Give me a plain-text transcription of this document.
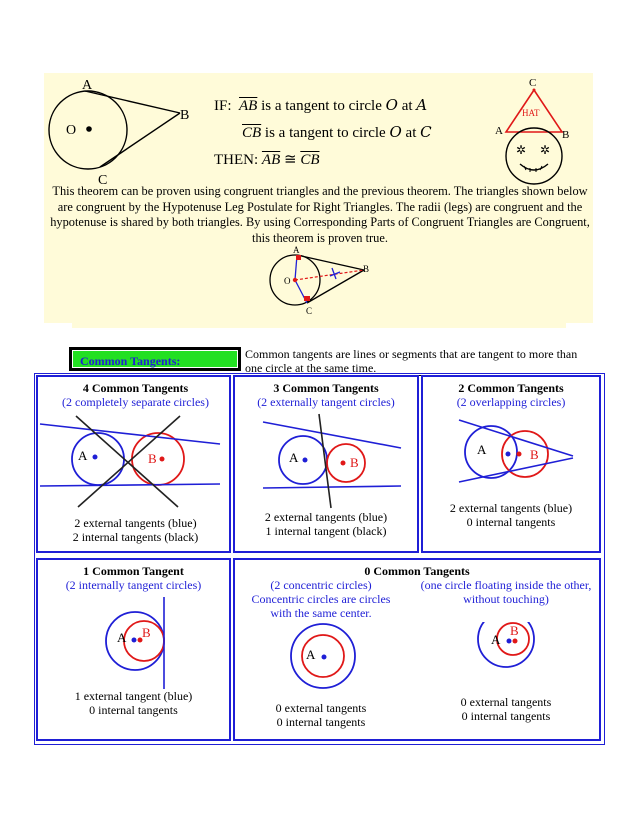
A
B
C
O
IF: $\overline{AB}$ is a tangent to circle O at A
$\overline{CB}$ is a tangent to circle O at C
THEN: $\overline{AB}$ ≅ $\overline{CB}$
C
A	B
HAT
✲ ✲
This theorem can be proven using congruent triangles and the previous theorem. The triangles shown below are congruent by the Hypotenuse Leg Postulate for Right Triangles. The radii (legs) are congruent and the hypotenuse is shared by both triangles. By using Corresponding Parts of Congruent Triangles are Congruent, this theorem is proven true.
A
B
C
O
Common Tangents:	Common tangents are lines or segments that are tangent to more than
one circle at the same time.
4 Common Tangents
(2 completely separate circles)
A	B
2 external tangents (blue)
2 internal tangents (black)
3 Common Tangents
(2 externally tangent circles)
A	B
2 external tangents (blue)
1 internal tangent (black)
2 Common Tangents
(2 overlapping circles)
A	B
2 external tangents (blue)
0 internal tangents
1 Common Tangent
(2 internally tangent circles)
A B
1 external tangent (blue)
0 internal tangents
0 Common Tangents
(2 concentric circles)
Concentric circles are circles
with the same center.
(one circle floating inside the other,
without touching)
A
A
B
0 external tangents
0 internal tangents
0 external tangents
0 internal tangents
